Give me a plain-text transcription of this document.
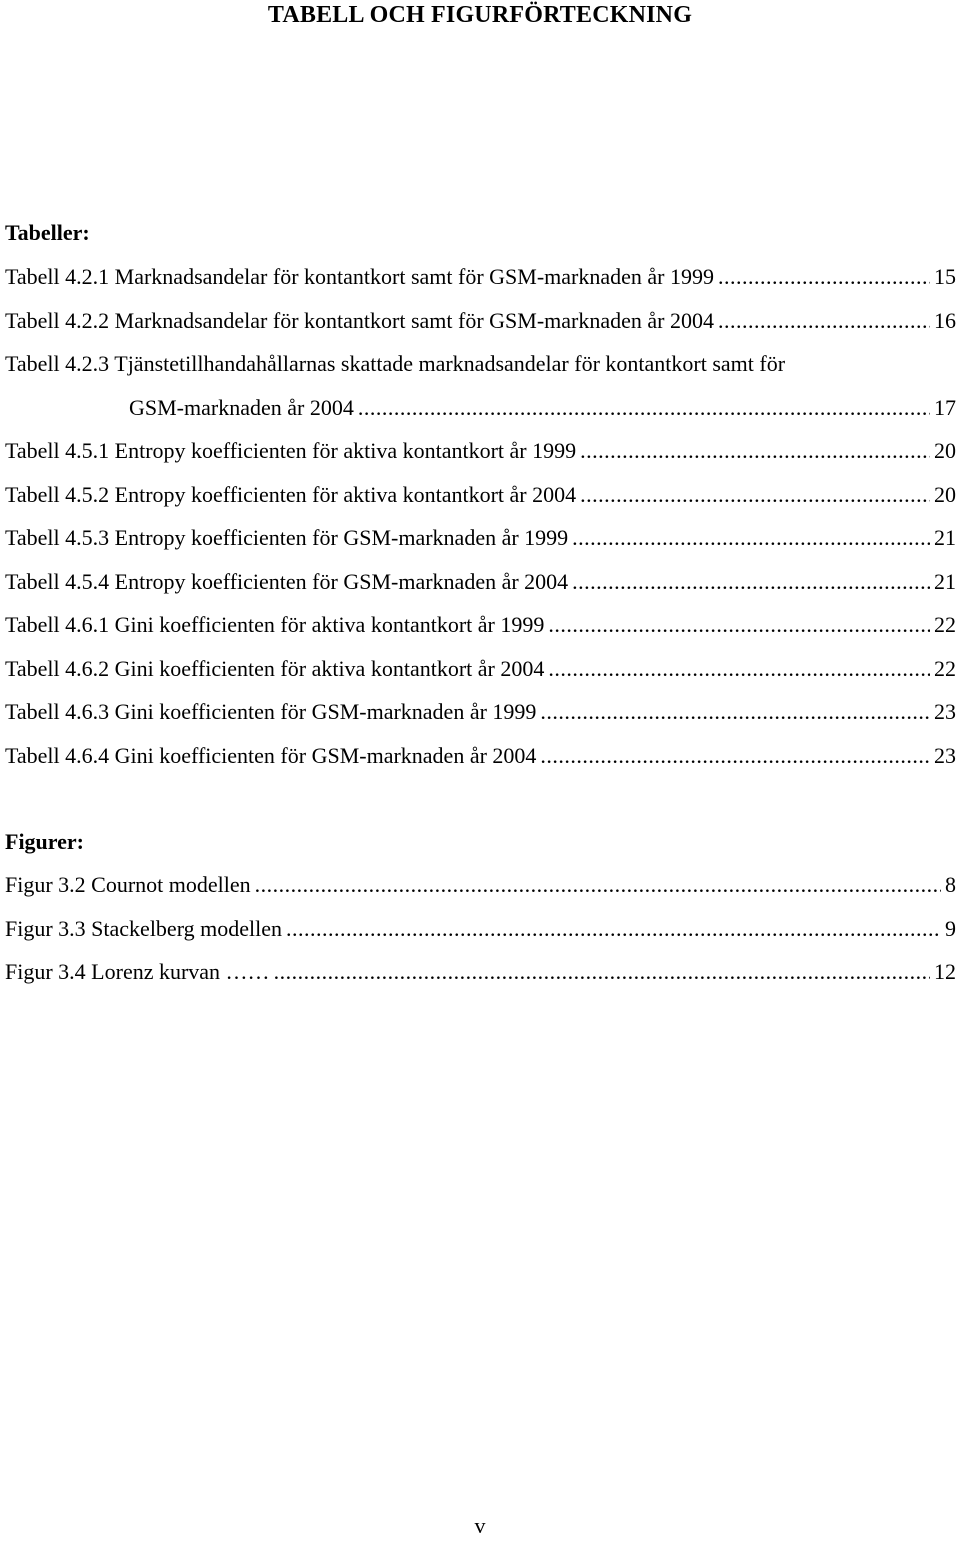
TABELL OCH FIGURFÖRTECKNING
Tabeller:
Tabell 4.2.1 Marknadsandelar för kontantkort samt för GSM-marknaden år 1999 .....	15
Tabell 4.2.2 Marknadsandelar för kontantkort samt för GSM-marknaden år 2004 .....	16
Tabell 4.2.3 Tjänstetillhandahållarnas skattade marknadsandelar för kontantkort samt för
GSM-marknaden år 2004 .....	17
Tabell 4.5.1 Entropy koefficienten för aktiva kontantkort år 1999 .....	20
Tabell 4.5.2 Entropy koefficienten för aktiva kontantkort år 2004 .....	20
Tabell 4.5.3 Entropy koefficienten för GSM-marknaden år 1999 .....	21
Tabell 4.5.4 Entropy koefficienten för GSM-marknaden år 2004 .....	21
Tabell 4.6.1 Gini koefficienten för aktiva kontantkort år 1999 .....	22
Tabell 4.6.2 Gini koefficienten för aktiva kontantkort år 2004 .....	22
Tabell 4.6.3 Gini koefficienten för GSM-marknaden år 1999 .....	23
Tabell 4.6.4 Gini koefficienten för GSM-marknaden år 2004 .....	23
Figurer:
Figur 3.2 Cournot modellen .....	8
Figur 3.3 Stackelberg modellen .....	9
Figur 3.4 Lorenz kurvan …… .....	12
v
